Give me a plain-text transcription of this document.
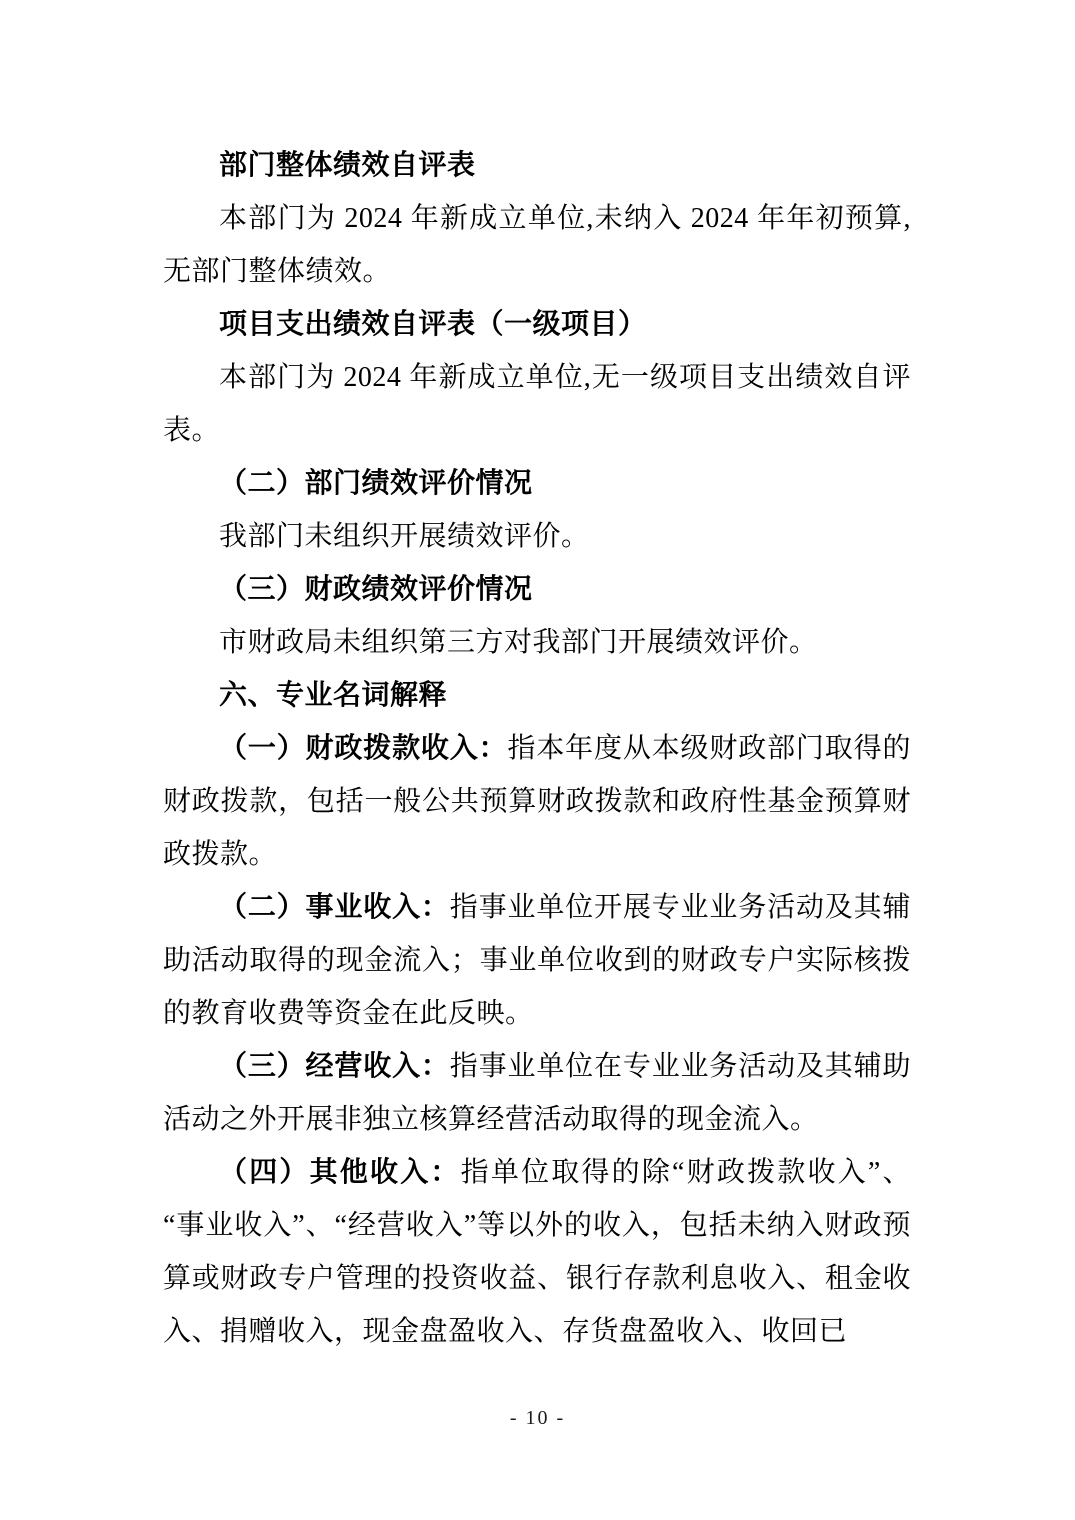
部门整体绩效自评表

本部门为 2024 年新成立单位,未纳入 2024 年年初预算,无部门整体绩效。

项目支出绩效自评表（一级项目）

本部门为 2024 年新成立单位,无一级项目支出绩效自评表。

（二）部门绩效评价情况

我部门未组织开展绩效评价。

（三）财政绩效评价情况

市财政局未组织第三方对我部门开展绩效评价。

六、专业名词解释

（一）财政拨款收入：指本年度从本级财政部门取得的财政拨款，包括一般公共预算财政拨款和政府性基金预算财政拨款。

（二）事业收入：指事业单位开展专业业务活动及其辅助活动取得的现金流入；事业单位收到的财政专户实际核拨的教育收费等资金在此反映。

（三）经营收入：指事业单位在专业业务活动及其辅助活动之外开展非独立核算经营活动取得的现金流入。

（四）其他收入：指单位取得的除“财政拨款收入”、“事业收入”、“经营收入”等以外的收入，包括未纳入财政预算或财政专户管理的投资收益、银行存款利息收入、租金收入、捐赠收入，现金盘盈收入、存货盘盈收入、收回已

- 10 -
